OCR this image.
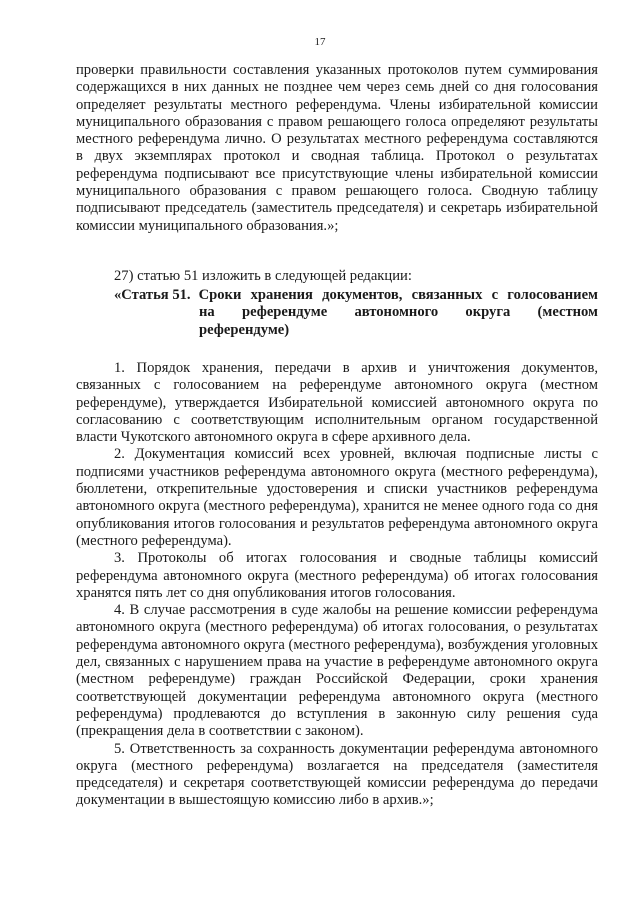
17

проверки правильности составления указанных протоколов путем суммирования содержащихся в них данных не позднее чем через семь дней со дня голосования определяет результаты местного референдума. Члены избирательной комиссии муниципального образования с правом решающего голоса определяют результаты местного референдума лично. О результатах местного референдума составляются в двух экземплярах протокол и сводная таблица. Протокол о результатах референдума подписывают все присутствующие члены избирательной комиссии муниципального образования с правом решающего голоса. Сводную таблицу подписывают председатель (заместитель председателя) и секретарь избирательной комиссии муниципального образования.»;

27) статью 51 изложить в следующей редакции:

«Статья 51. Сроки хранения документов, связанных с голосованием
на референдуме автономного округа (местном
референдуме)

1. Порядок хранения, передачи в архив и уничтожения документов, связанных с голосованием на референдуме автономного округа (местном референдуме), утверждается Избирательной комиссией автономного округа по согласованию с соответствующим исполнительным органом государственной власти Чукотского автономного округа в сфере архивного дела.

2. Документация комиссий всех уровней, включая подписные листы с подписями участников референдума автономного округа (местного референдума), бюллетени, открепительные удостоверения и списки участников референдума автономного округа (местного референдума), хранится не менее одного года со дня опубликования итогов голосования и результатов референдума автономного округа (местного референдума).

3. Протоколы об итогах голосования и сводные таблицы комиссий референдума автономного округа (местного референдума) об итогах голосования хранятся пять лет со дня опубликования итогов голосования.

4. В случае рассмотрения в суде жалобы на решение комиссии референдума автономного округа (местного референдума) об итогах голосования, о результатах референдума автономного округа (местного референдума), возбуждения уголовных дел, связанных с нарушением права на участие в референдуме автономного округа (местном референдуме) граждан Российской Федерации, сроки хранения соответствующей документации референдума автономного округа (местного референдума) продлеваются до вступления в законную силу решения суда (прекращения дела в соответствии с законом).

5. Ответственность за сохранность документации референдума автономного округа (местного референдума) возлагается на председателя (заместителя председателя) и секретаря соответствующей комиссии референдума до передачи документации в вышестоящую комиссию либо в архив.»;
